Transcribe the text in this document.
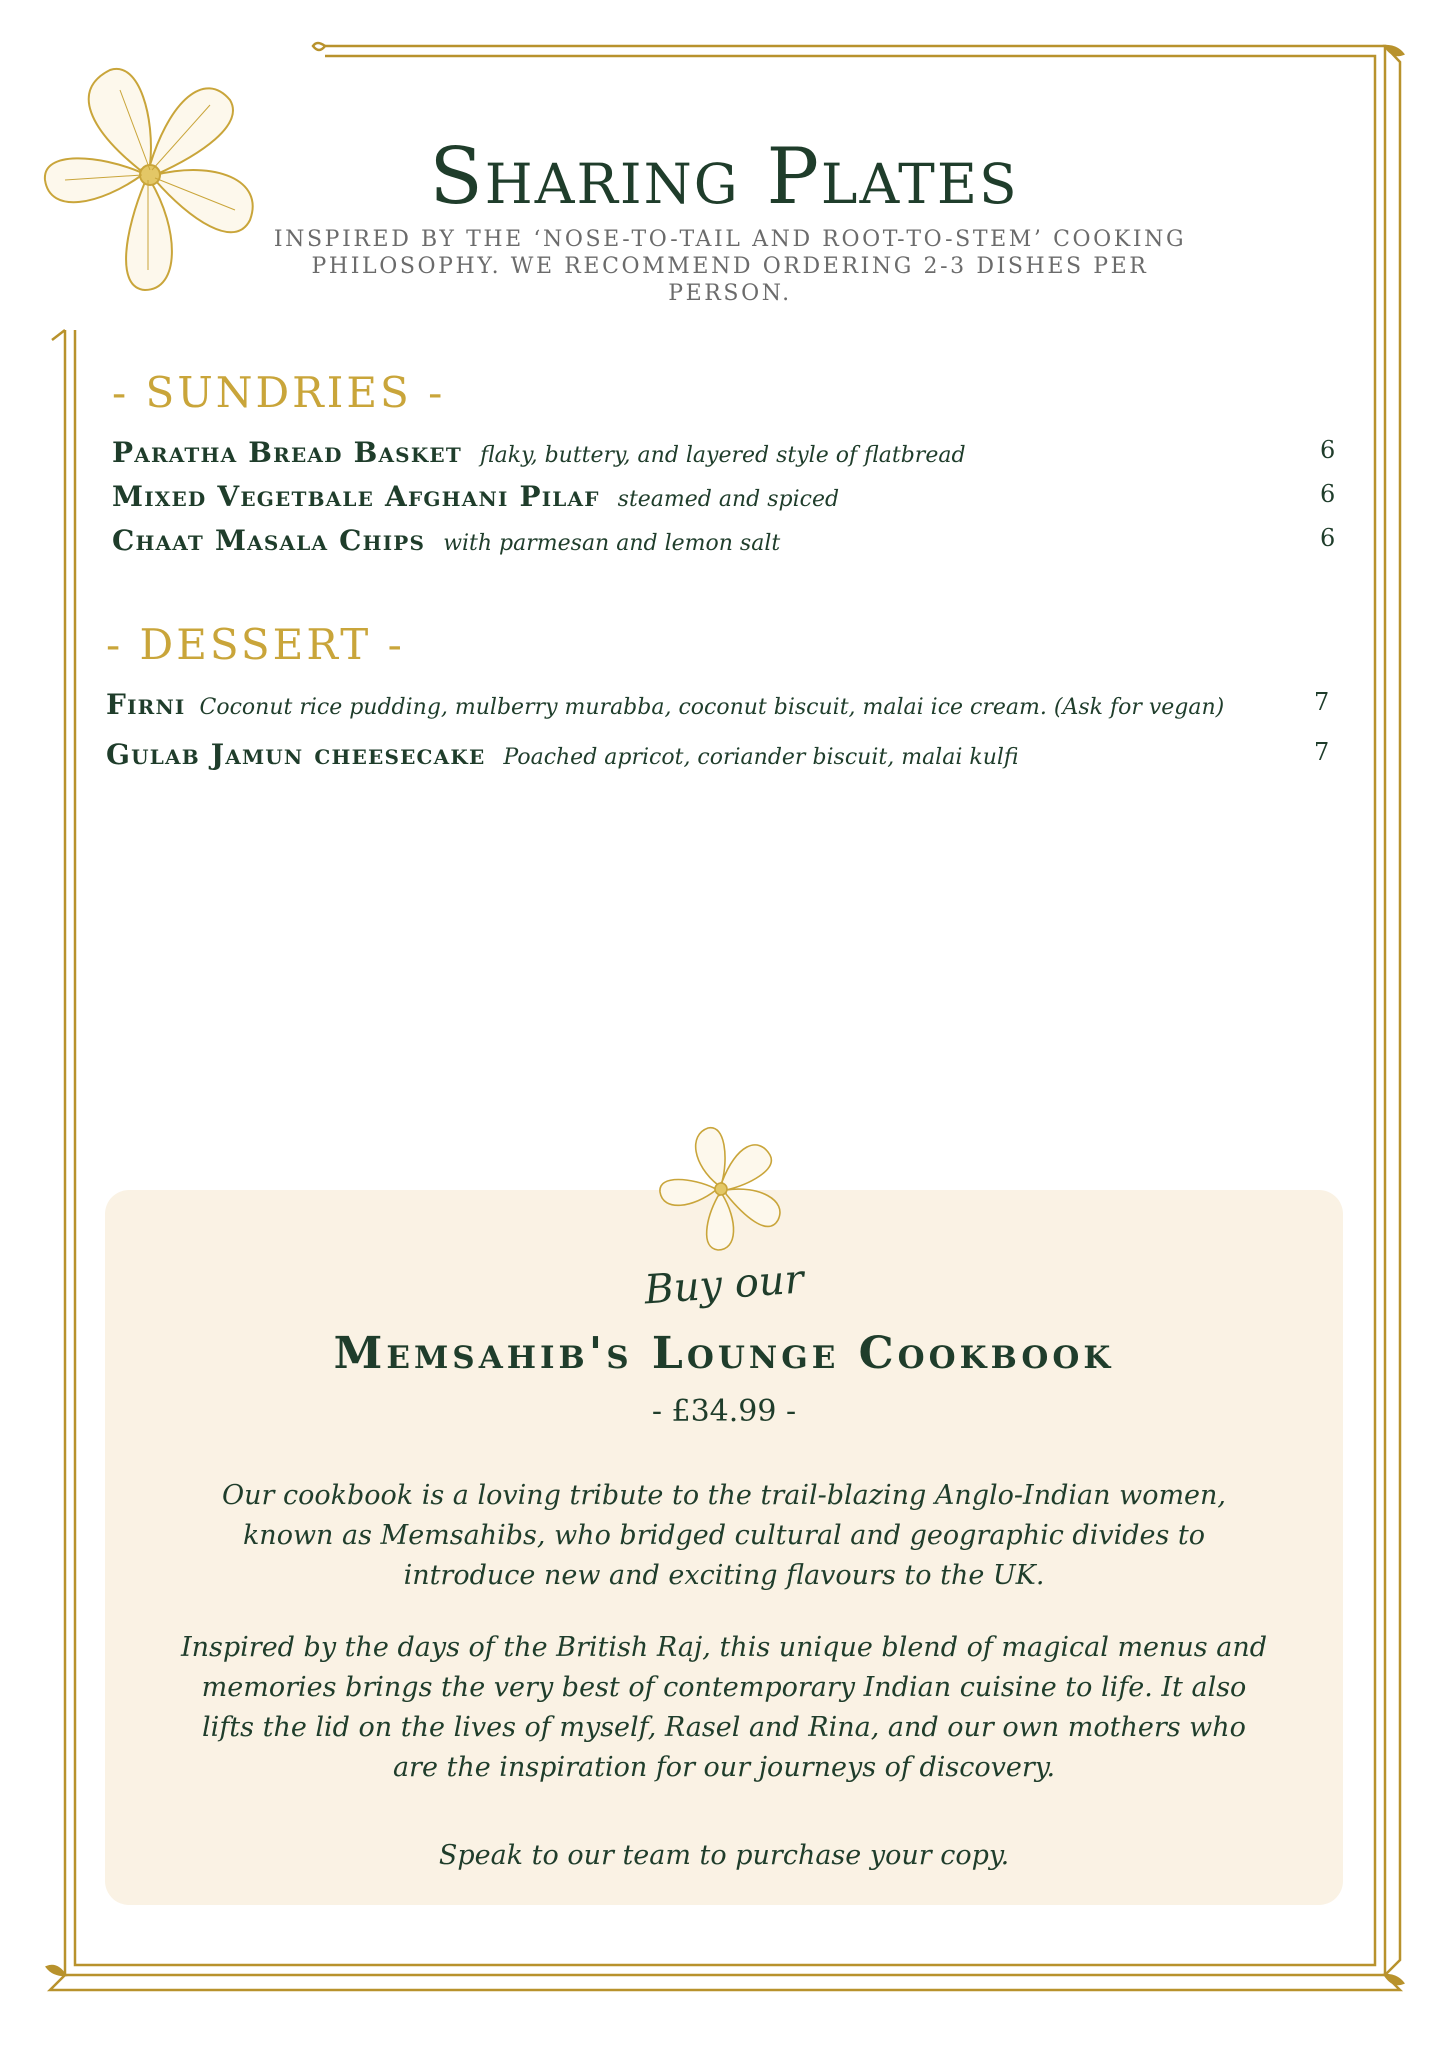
Sharing Plates

INSPIRED BY THE ‘NOSE-TO-TAIL AND ROOT-TO-STEM’ COOKING
PHILOSOPHY. WE RECOMMEND ORDERING 2-3 DISHES PER PERSON.

- SUNDRIES -
Paratha Bread Basket flaky, buttery, and layered style of flatbread	6
Mixed Vegetbale Afghani Pilaf steamed and spiced	6
Chaat Masala Chips with parmesan and lemon salt	6
- DESSERT -
Firni Coconut rice pudding, mulberry murabba, coconut biscuit, malai ice cream. (Ask for vegan)	7
Gulab Jamun cheesecake Poached apricot, coriander biscuit, malai kulfi	7
Buy our
Memsahib's Lounge Cookbook
- £34.99 -

Our cookbook is a loving tribute to the trail-blazing Anglo-Indian women, known as Memsahibs, who bridged cultural and geographic divides to introduce new and exciting flavours to the UK.

Inspired by the days of the British Raj, this unique blend of magical menus and memories brings the very best of contemporary Indian cuisine to life. It also lifts the lid on the lives of myself, Rasel and Rina, and our own mothers who are the inspiration for our journeys of discovery.

Speak to our team to purchase your copy.
